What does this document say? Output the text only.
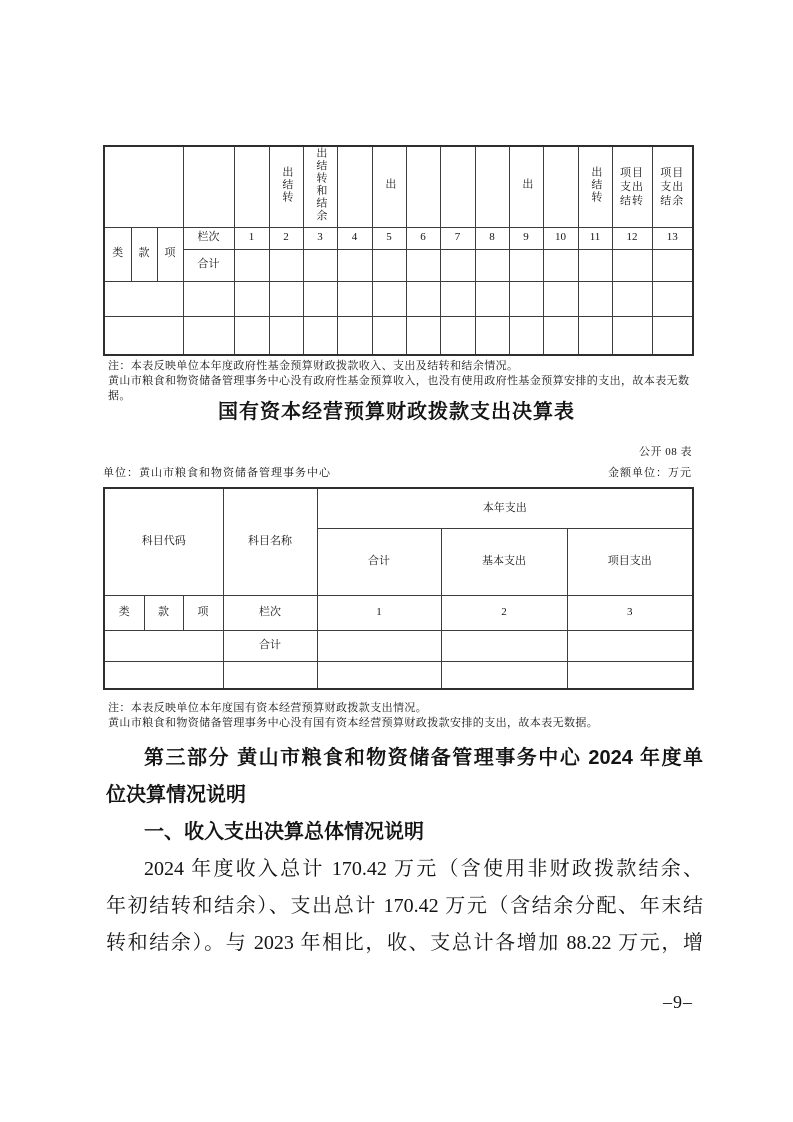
					出结转	出结转和结余		出				出		出结转	项目支出结转	项目支出结余
类	款	项	栏次	1	2	3	4	5	6	7	8	9	10	11	12	13
			合计													

注：本表反映单位本年度政府性基金预算财政拨款收入、支出及结转和结余情况。
黄山市粮食和物资储备管理事务中心没有政府性基金预算收入，也没有使用政府性基金预算安排的支出，故本表无数据。
国有资本经营预算财政拨款支出决算表
公开 08 表
单位：黄山市粮食和物资储备管理事务中心	金额单位：万元
科目代码			科目名称	本年支出		
				合计	基本支出	项目支出
类	款	项	栏次	1	2	3
			合计			

注：本表反映单位本年度国有资本经营预算财政拨款支出情况。
黄山市粮食和物资储备管理事务中心没有国有资本经营预算财政拨款安排的支出，故本表无数据。
第三部分 黄山市粮食和物资储备管理事务中心 2024 年度单
位决算情况说明
一、收入支出决算总体情况说明
2024 年度收入总计 170.42 万元（含使用非财政拨款结余、
年初结转和结余）、支出总计 170.42 万元（含结余分配、年末结
转和结余）。与 2023 年相比，收、支总计各增加 88.22 万元，增
–9–
